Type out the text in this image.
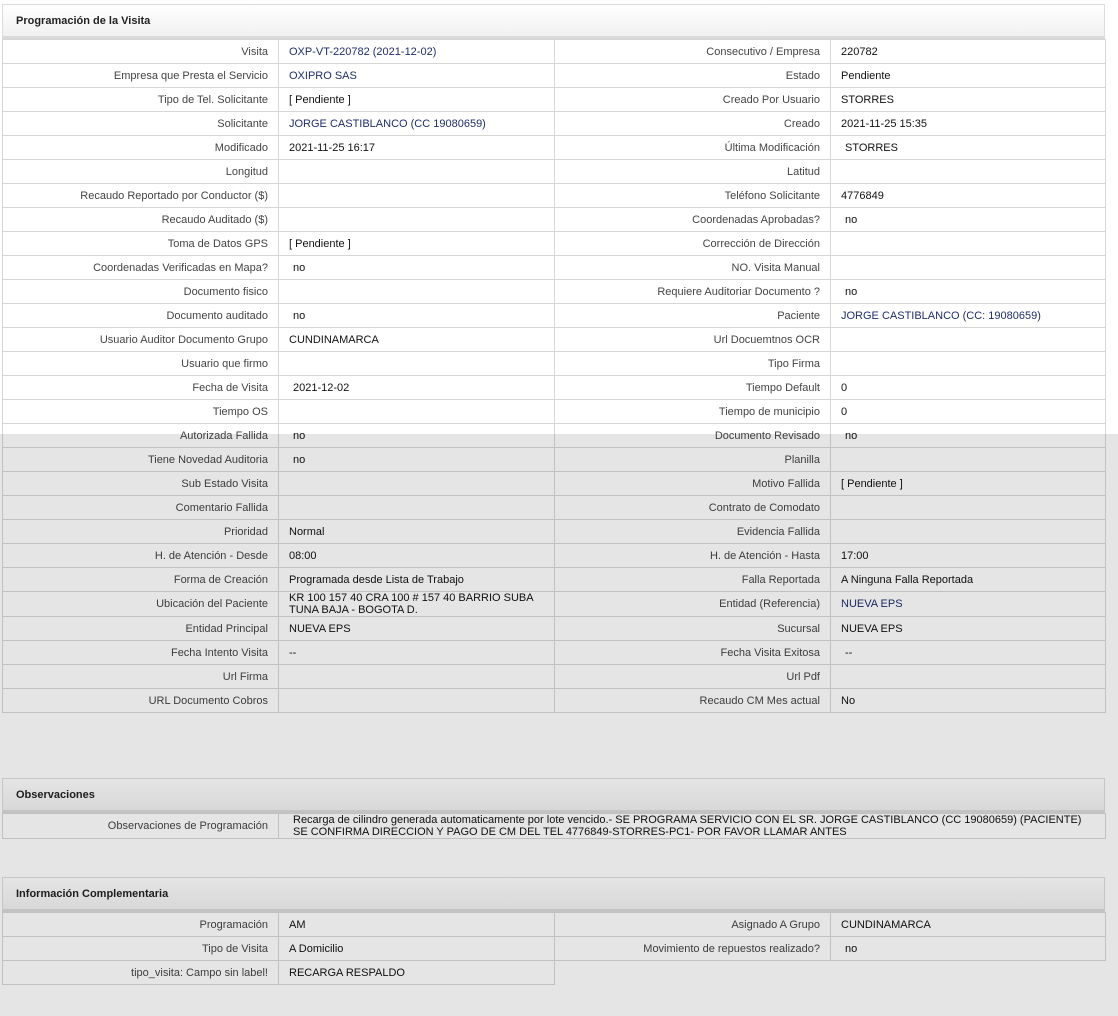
Programación de la Visita
Visita	OXP-VT-220782 (2021-12-02)	Consecutivo / Empresa	220782
Empresa que Presta el Servicio	OXIPRO SAS	Estado	Pendiente
Tipo de Tel. Solicitante	[ Pendiente ]	Creado Por Usuario	STORRES
Solicitante	JORGE CASTIBLANCO (CC 19080659)	Creado	2021-11-25 15:35
Modificado	2021-11-25 16:17	Última Modificación	STORRES
Longitud		Latitud	
Recaudo Reportado por Conductor ($)		Teléfono Solicitante	4776849
Recaudo Auditado ($)		Coordenadas Aprobadas?	no
Toma de Datos GPS	[ Pendiente ]	Corrección de Dirección	
Coordenadas Verificadas en Mapa?	no	NO. Visita Manual	
Documento fisico		Requiere Auditoriar Documento ?	no
Documento auditado	no	Paciente	JORGE CASTIBLANCO (CC: 19080659)
Usuario Auditor Documento Grupo	CUNDINAMARCA	Url Docuemtnos OCR	
Usuario que firmo		Tipo Firma	
Fecha de Visita	2021-12-02	Tiempo Default	0
Tiempo OS		Tiempo de municipio	0
Autorizada Fallida	no	Documento Revisado	no
Tiene Novedad Auditoria	no	Planilla	
Sub Estado Visita		Motivo Fallida	[ Pendiente ]
Comentario Fallida		Contrato de Comodato	
Prioridad	Normal	Evidencia Fallida	
H. de Atención - Desde	08:00	H. de Atención - Hasta	17:00
Forma de Creación	Programada desde Lista de Trabajo	Falla Reportada	A Ninguna Falla Reportada
Ubicación del Paciente	KR 100 157 40 CRA 100 # 157 40 BARRIO SUBA TUNA BAJA - BOGOTA D.	Entidad (Referencia)	NUEVA EPS
Entidad Principal	NUEVA EPS	Sucursal	NUEVA EPS
Fecha Intento Visita	--	Fecha Visita Exitosa	--
Url Firma		Url Pdf	
URL Documento Cobros		Recaudo CM Mes actual	No
Observaciones
Observaciones de Programación	Recarga de cilindro generada automaticamente por lote vencido.- SE PROGRAMA SERVICIO CON EL SR. JORGE CASTIBLANCO (CC 19080659) (PACIENTE) SE CONFIRMA DIRECCION Y PAGO DE CM DEL TEL 4776849-STORRES-PC1- POR FAVOR LLAMAR ANTES
Información Complementaria
Programación	AM	Asignado A Grupo	CUNDINAMARCA
Tipo de Visita	A Domicilio	Movimiento de repuestos realizado?	no
tipo_visita: Campo sin label!	RECARGA RESPALDO		
